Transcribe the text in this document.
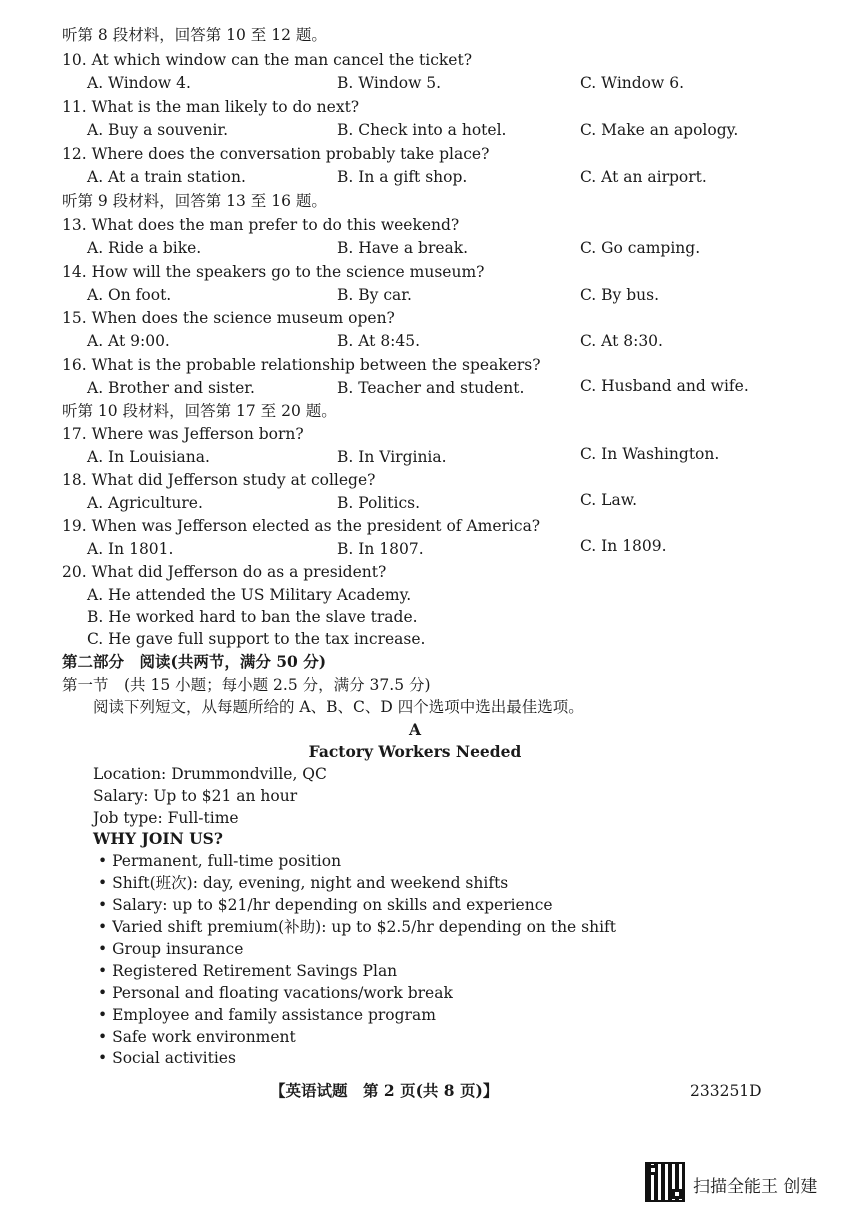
听第 8 段材料，回答第 10 至 12 题。
10. At which window can the man cancel the ticket?
A. Window 4.	B. Window 5.	C. Window 6.
11. What is the man likely to do next?
A. Buy a souvenir.	B. Check into a hotel.	C. Make an apology.
12. Where does the conversation probably take place?
A. At a train station.	B. In a gift shop.	C. At an airport.
听第 9 段材料，回答第 13 至 16 题。
13. What does the man prefer to do this weekend?
A. Ride a bike.	B. Have a break.	C. Go camping.
14. How will the speakers go to the science museum?
A. On foot.	B. By car.	C. By bus.
15. When does the science museum open?
A. At 9:00.	B. At 8:45.	C. At 8:30.
16. What is the probable relationship between the speakers?
A. Brother and sister.	B. Teacher and student.	C. Husband and wife.
听第 10 段材料，回答第 17 至 20 题。
17. Where was Jefferson born?
A. In Louisiana.	B. In Virginia.	C. In Washington.
18. What did Jefferson study at college?
A. Agriculture.	B. Politics.	C. Law.
19. When was Jefferson elected as the president of America?
A. In 1801.	B. In 1807.	C. In 1809.
20. What did Jefferson do as a president?
A. He attended the US Military Academy.
B. He worked hard to ban the slave trade.
C. He gave full support to the tax increase.
第二部分　阅读(共两节，满分 50 分)
第一节　(共 15 小题；每小题 2.5 分，满分 37.5 分)
阅读下列短文，从每题所给的 A、B、C、D 四个选项中选出最佳选项。
A
Factory Workers Needed
Location: Drummondville, QC
Salary: Up to $21 an hour
Job type: Full-time
WHY JOIN US?
• Permanent, full-time position
• Shift(班次): day, evening, night and weekend shifts
• Salary: up to $21/hr depending on skills and experience
• Varied shift premium(补助): up to $2.5/hr depending on the shift
• Group insurance
• Registered Retirement Savings Plan
• Personal and floating vacations/work break
• Employee and family assistance program
• Safe work environment
• Social activities
【英语试题　第 2 页(共 8 页)】	233251D
扫描全能王 创建
